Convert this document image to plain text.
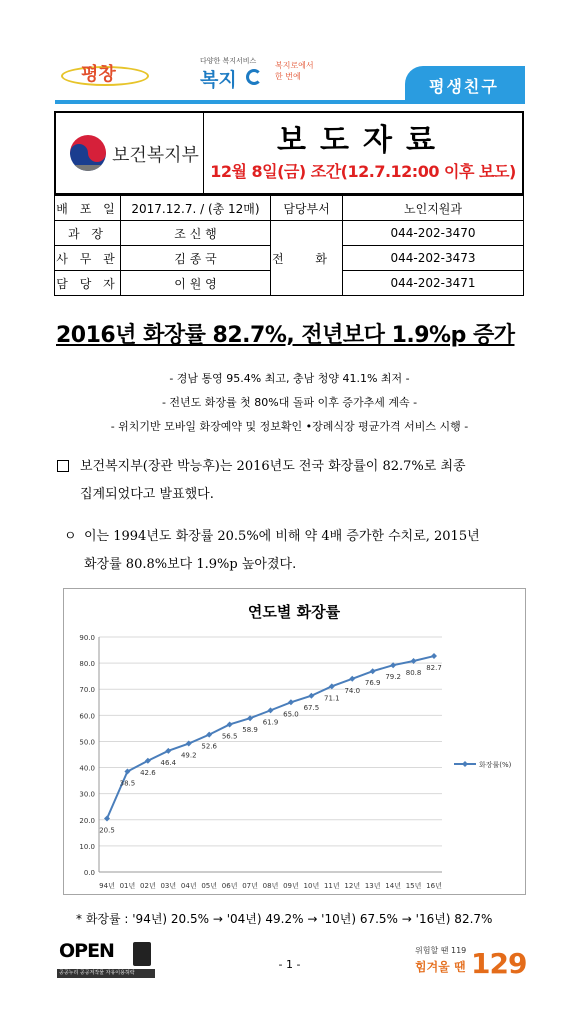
평창
다양한 복지서비스
복지
복지로에서
한 번에
평생친구
보건복지부	보도자료
12월 8일(금) 조간(12.7.12:00 이후 보도)
배 포 일	2017.12.7. / (총 12매)	담당부서	노인지원과
과 장	조 신 행	전 화	044-202-3470
사 무 관	김 종 국		044-202-3473
담 당 자	이 원 영		044-202-3471
2016년 화장률 82.7%, 전년보다 1.9%p 증가
- 경남 통영 95.4% 최고, 충남 청양 41.1% 최저 -
- 전년도 화장률 첫 80%대 돌파 이후 증가추세 계속 -
- 위치기반 모바일 화장예약 및 정보확인 •장례식장 평균가격 서비스 시행 -
보건복지부(장관 박능후)는 2016년도 전국 화장률이 82.7%로 최종
집계되었다고 발표했다.
ㅇ 이는 1994년도 화장률 20.5%에 비해 약 4배 증가한 수치로, 2015년
화장률 80.8%보다 1.9%p 높아졌다.
연도별 화장률
0.0
10.0
20.0
30.0
40.0
50.0
60.0
70.0
80.0
90.0
94년 01년 02년 03년 04년 05년 06년 07년 08년 09년 10년 11년 12년 13년 14년 15년 16년
20.5
38.5
42.6
46.4
49.2
52.6
56.5
58.9
61.9
65.0
67.5
71.1
74.0
76.9
79.2
80.8
82.7
화장률(%)
* 화장률 : '94년) 20.5% → '04년) 49.2% → '10년) 67.5% → '16년) 82.7%
OPEN
공공누리 공공저작물 자유이용허락
- 1 -
위험할 땐 119
힘겨울 땐 129
